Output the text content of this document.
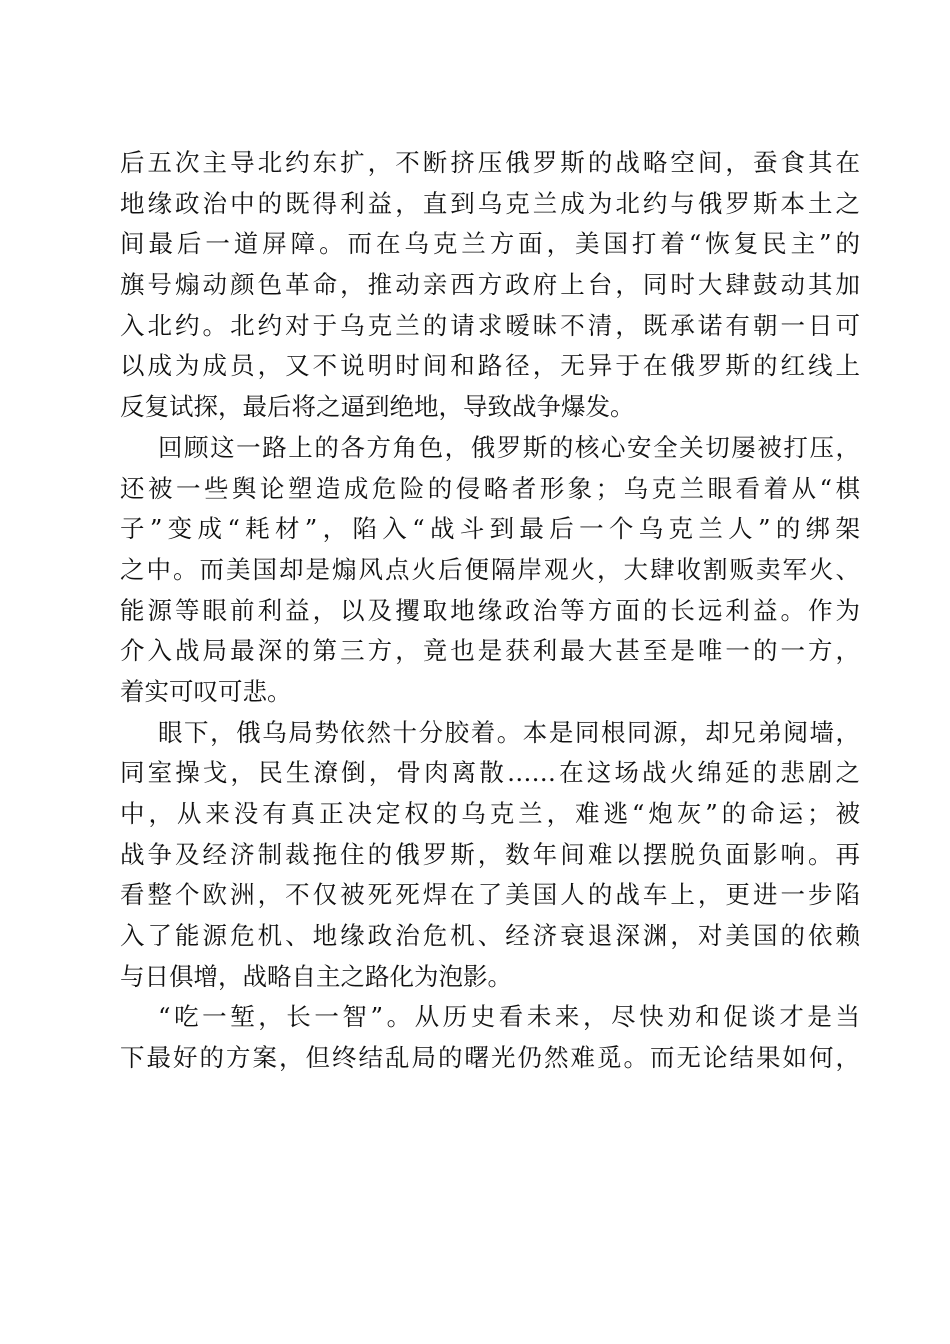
后五次主导北约东扩，不断挤压俄罗斯的战略空间，蚕食其在
地缘政治中的既得利益，直到乌克兰成为北约与俄罗斯本土之
间最后一道屏障。而在乌克兰方面，美国打着“恢复民主”的
旗号煽动颜色革命，推动亲西方政府上台，同时大肆鼓动其加
入北约。北约对于乌克兰的请求暧昧不清，既承诺有朝一日可
以成为成员，又不说明时间和路径，无异于在俄罗斯的红线上
反复试探，最后将之逼到绝地，导致战争爆发。
回顾这一路上的各方角色，俄罗斯的核心安全关切屡被打压，
还被一些舆论塑造成危险的侵略者形象；乌克兰眼看着从“棋
子”变成“耗材”，陷入“战斗到最后一个乌克兰人”的绑架
之中。而美国却是煽风点火后便隔岸观火，大肆收割贩卖军火、
能源等眼前利益，以及攫取地缘政治等方面的长远利益。作为
介入战局最深的第三方，竟也是获利最大甚至是唯一的一方，
着实可叹可悲。
眼下，俄乌局势依然十分胶着。本是同根同源，却兄弟阋墙，
同室操戈，民生潦倒，骨肉离散……在这场战火绵延的悲剧之
中，从来没有真正决定权的乌克兰，难逃“炮灰”的命运；被
战争及经济制裁拖住的俄罗斯，数年间难以摆脱负面影响。再
看整个欧洲，不仅被死死焊在了美国人的战车上，更进一步陷
入了能源危机、地缘政治危机、经济衰退深渊，对美国的依赖
与日俱增，战略自主之路化为泡影。
“吃一堑，长一智”。从历史看未来，尽快劝和促谈才是当
下最好的方案，但终结乱局的曙光仍然难觅。而无论结果如何，
